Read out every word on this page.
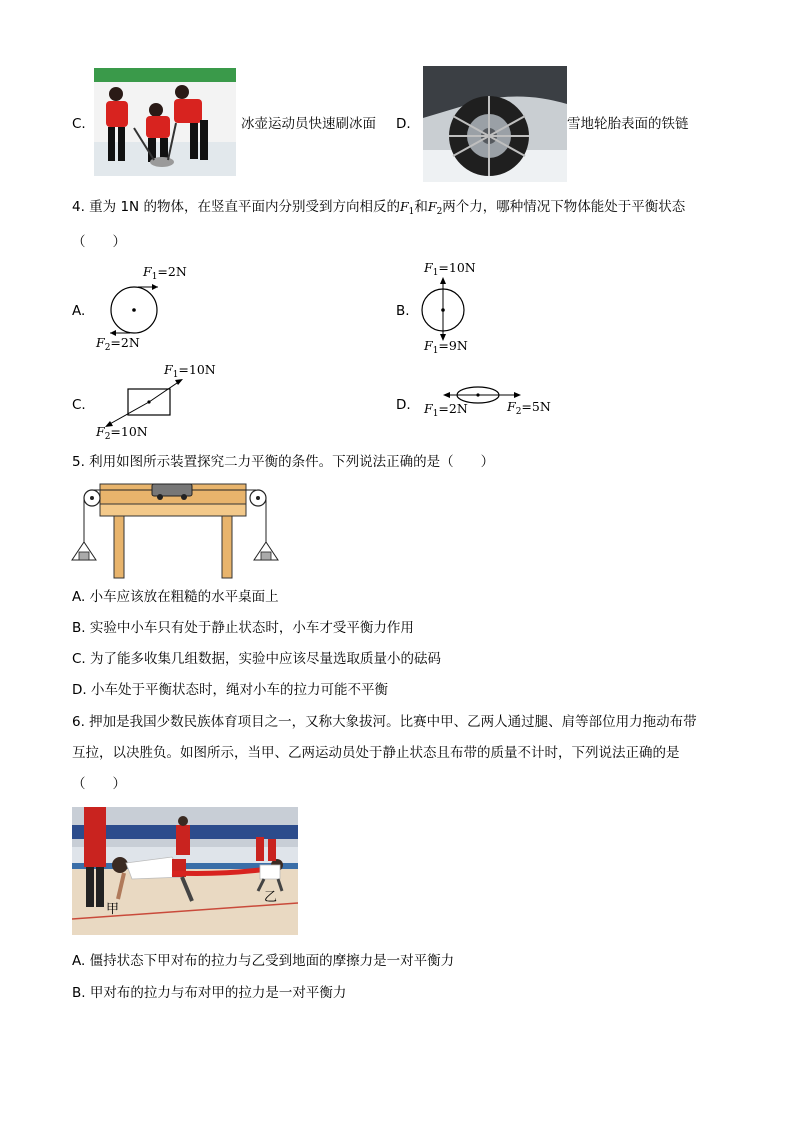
C.	冰壶运动员快速刷冰面 D.	雪地轮胎表面的铁链
4. 重为 1N 的物体，在竖直平面内分别受到方向相反的$F_1$和$F_2$两个力，哪种情况下物体能处于平衡状态
（　　）
A.
$F_1=2N$
$F_2=2N$
B.
$F_1=10N$
$F_1=9N$
C.
$F_1=10N$
$F_2=10N$
D. $F_1=2N$	$F_2=5N$
5. 利用如图所示装置探究二力平衡的条件。下列说法正确的是（　　）
A. 小车应该放在粗糙的水平桌面上
B. 实验中小车只有处于静止状态时，小车才受平衡力作用
C. 为了能多收集几组数据，实验中应该尽量选取质量小的砝码
D. 小车处于平衡状态时，绳对小车的拉力可能不平衡
6. 押加是我国少数民族体育项目之一，又称大象拔河。比赛中甲、乙两人通过腿、肩等部位用力拖动布带
互拉，以决胜负。如图所示，当甲、乙两运动员处于静止状态且布带的质量不计时，下列说法正确的是
（　　）
甲
乙
A. 僵持状态下甲对布的拉力与乙受到地面的摩擦力是一对平衡力
B. 甲对布的拉力与布对甲的拉力是一对平衡力
